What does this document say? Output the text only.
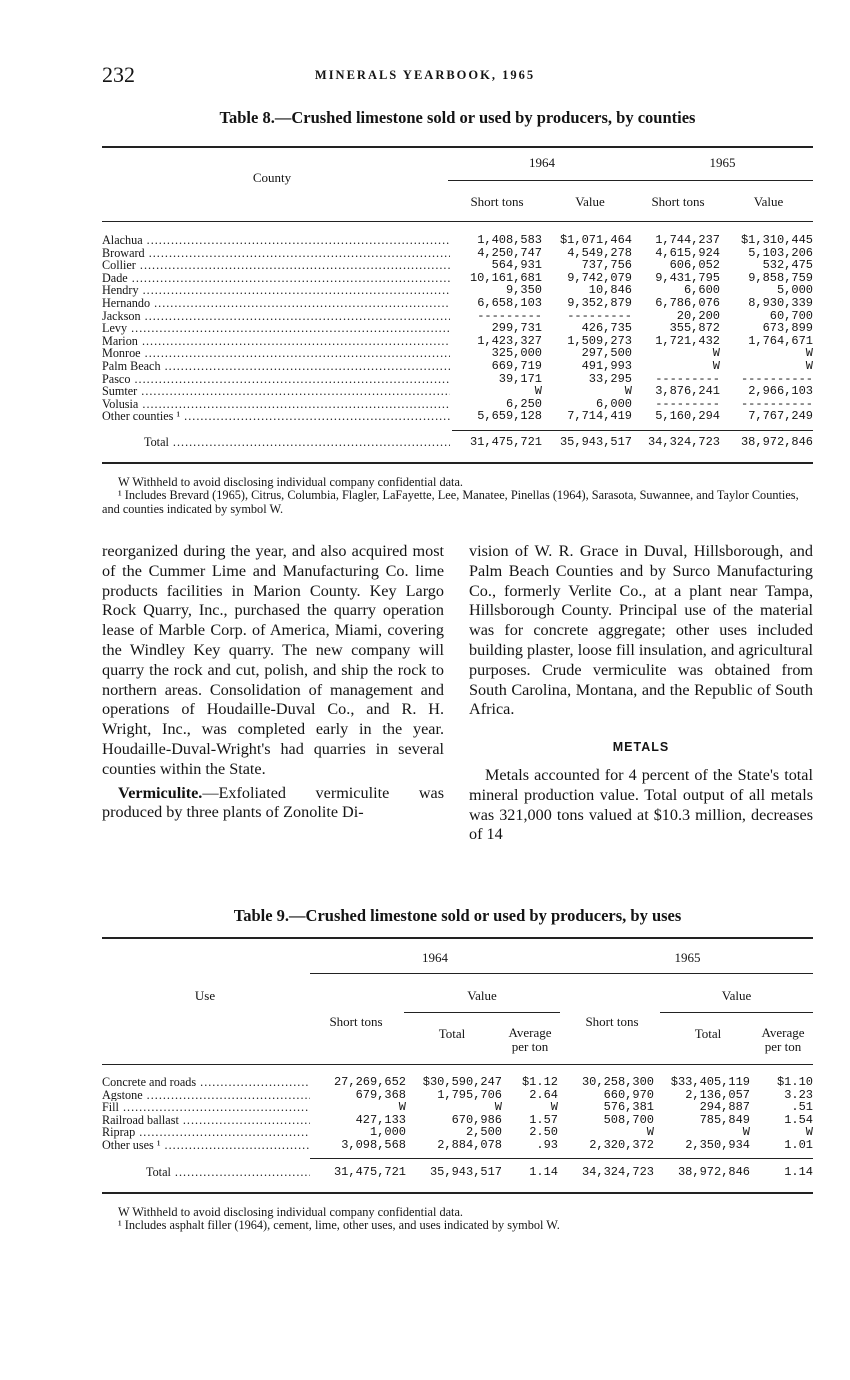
232	MINERALS YEARBOOK, 1965
Table 8.—Crushed limestone sold or used by producers, by counties
County
1964	1965
Short tons	Value	Short tons	Value
Alachua .....	1,408,583	$1,071,464	1,744,237	$1,310,445
Broward .....	4,250,747	4,549,278	4,615,924	5,103,206
Collier .....	564,931	737,756	606,052	532,475
Dade .....	10,161,681	9,742,079	9,431,795	9,858,759
Hendry .....	9,350	10,846	6,600	5,000
Hernando .....	6,658,103	9,352,879	6,786,076	8,930,339
Jackson .....	---------	---------	20,200	60,700
Levy .....	299,731	426,735	355,872	673,899
Marion .....	1,423,327	1,509,273	1,721,432	1,764,671
Monroe .....	325,000	297,500	W	W
Palm Beach .....	669,719	491,993	W	W
Pasco .....	39,171	33,295	---------	----------
Sumter .....	W	W	3,876,241	2,966,103
Volusia .....	6,250	6,000	---------	----------
Other counties ¹ .....	5,659,128	7,714,419	5,160,294	7,767,249
Total .....	31,475,721	35,943,517	34,324,723	38,972,846
W Withheld to avoid disclosing individual company confidential data.
¹ Includes Brevard (1965), Citrus, Columbia, Flagler, LaFayette, Lee, Manatee, Pinellas (1964), Sarasota, Suwannee, and Taylor Counties, and counties indicated by symbol W.

reorganized during the year, and also acquired most of the Cummer Lime and Manufacturing Co. lime products facilities in Marion County. Key Largo Rock Quarry, Inc., purchased the quarry operation lease of Marble Corp. of America, Miami, covering the Windley Key quarry. The new company will quarry the rock and cut, polish, and ship the rock to northern areas. Consolidation of management and operations of Houdaille-Duval Co., and R. H. Wright, Inc., was completed early in the year. Houdaille-Duval-Wright's had quarries in several counties within the State.

Vermiculite.—Exfoliated vermiculite was produced by three plants of Zonolite Di-

vision of W. R. Grace in Duval, Hillsborough, and Palm Beach Counties and by Surco Manufacturing Co., formerly Verlite Co., at a plant near Tampa, Hillsborough County. Principal use of the material was for concrete aggregate; other uses included building plaster, loose fill insulation, and agricultural purposes. Crude vermiculite was obtained from South Carolina, Montana, and the Republic of South Africa.

METALS

Metals accounted for 4 percent of the State's total mineral production value. Total output of all metals was 321,000 tons valued at $10.3 million, decreases of 14

Table 9.—Crushed limestone sold or used by producers, by uses
Use
1964	1965
Value	Value
Short tons	Short tons
Total	Total
Average
per ton
Average
per ton
Concrete and roads .....	27,269,652	$30,590,247	$1.12	30,258,300	$33,405,119	$1.10
Agstone .....	679,368	1,795,706	2.64	660,970	2,136,057	3.23
Fill .....	W	W	W	576,381	294,887	.51
Railroad ballast .....	427,133	670,986	1.57	508,700	785,849	1.54
Riprap .....	1,000	2,500	2.50	W	W	W
Other uses ¹ .....	3,098,568	2,884,078	.93	2,320,372	2,350,934	1.01
Total .....	31,475,721	35,943,517	1.14	34,324,723	38,972,846	1.14
W Withheld to avoid disclosing individual company confidential data.
¹ Includes asphalt filler (1964), cement, lime, other uses, and uses indicated by symbol W.
